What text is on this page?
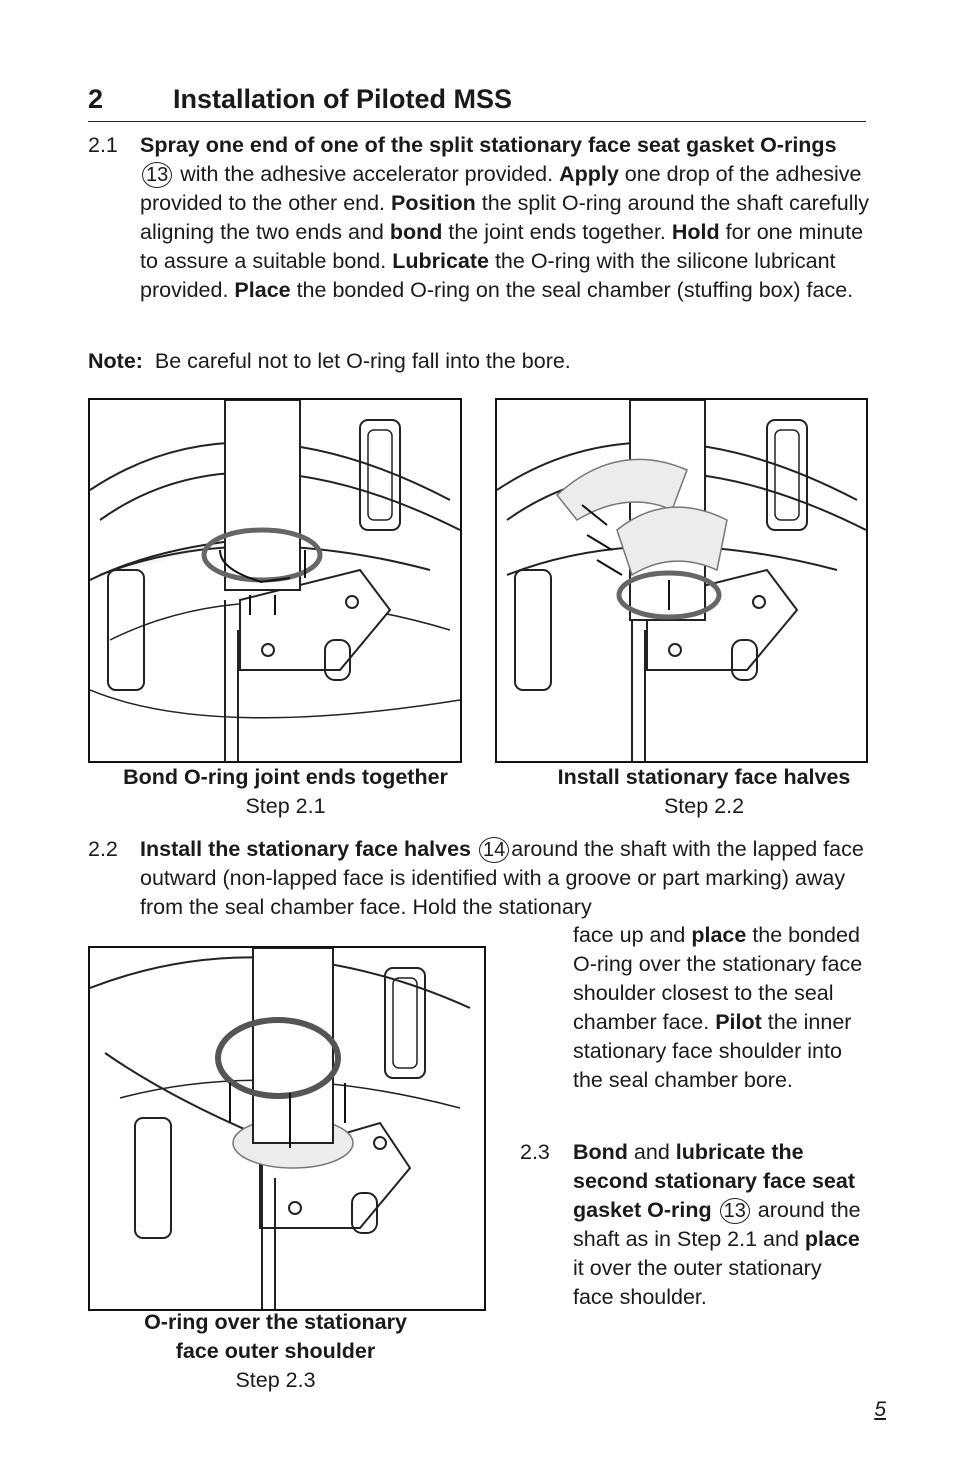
2	Installation of Piloted MSS
2.1 Spray one end of one of the split stationary face seat gasket O-rings 13 with the adhesive accelerator provided. Apply one drop of the adhesive provided to the other end. Position the split O-ring around the shaft carefully aligning the two ends and bond the joint ends together. Hold for one minute to assure a suitable bond. Lubricate the O-ring with the silicone lubricant provided. Place the bonded O-ring on the seal chamber (stuffing box) face.
Note: Be careful not to let O-ring fall into the bore.
Bond O-ring joint ends together
Step 2.1
Install stationary face halves
Step 2.2
2.2 Install the stationary face halves 14 around the shaft with the lapped face outward (non-lapped face is identified with a groove or part marking) away from the seal chamber face. Hold the stationary
face up and place the bonded O-ring over the stationary face shoulder closest to the seal chamber face. Pilot the inner stationary face shoulder into the seal chamber bore.
O-ring over the stationary
face outer shoulder
Step 2.3
2.3 Bond and lubricate the second stationary face seat gasket O-ring 13 around the shaft as in Step 2.1 and place it over the outer stationary face shoulder.
5
